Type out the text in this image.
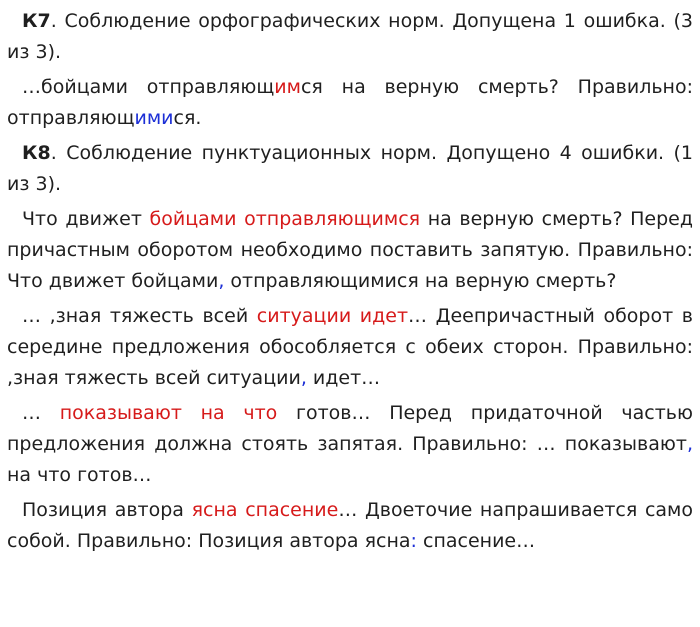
К7. Соблюдение орфографических норм. Допущена 1 ошибка. (3 из 3).

…бойцами отправляющимся на верную смерть? Правильно: отправляющимися.

К8. Соблюдение пунктуационных норм. Допущено 4 ошибки. (1 из 3).

Что движет бойцами отправляющимся на верную смерть? Перед причастным оборотом необходимо поставить запятую. Правильно: Что движет бойцами, отправляющимися на верную смерть?

… ,зная тяжесть всей ситуации идет… Деепричастный оборот в середине предложения обособляется с обеих сторон. Правильно: ,зная тяжесть всей ситуации, идет…

… показывают на что готов… Перед придаточной частью предложения должна стоять запятая. Правильно: … показывают, на что готов…

Позиция автора ясна спасение… Двоеточие напрашивается само собой. Правильно: Позиция автора ясна: спасение…
